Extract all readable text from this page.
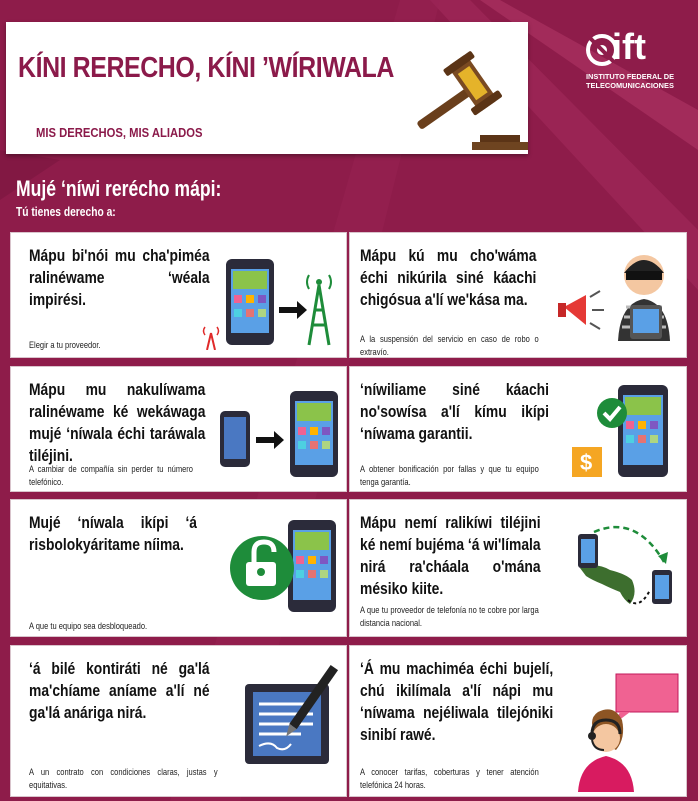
KÍNI RERECHO, KÍNI ’WÍRIWALA

MIS DERECHOS, MIS ALIADOS

ift
INSTITUTO FEDERAL DE
TELECOMUNICACIONES
Mujé ‘níwi rerécho mápi:

Tú tienes derecho a:

Mápu bi'nói mu cha'piméa ralinéwame ‘wéala impirési.

Elegir a tu proveedor.

Mápu kú mu cho'wáma échi nikúrila siné káachi chigósua a'lí we'kása ma.

A la suspensión del servicio en caso de robo o extravío.

Mápu mu nakulíwama ralinéwame ké wekáwaga mujé ‘níwala échi taráwala tiléjini.

A cambiar de compañía sin perder tu número telefónico.

‘níwiliame siné káachi no'sowísa a'lí kímu ikípi ‘níwama garantii.

A obtener bonificación por fallas y que tu equipo tenga garantía.

$

Mujé ‘níwala ikípi ‘á risbolokyáritame níima.

A que tu equipo sea desbloqueado.

Mápu nemí ralikíwi tiléjini ké nemí bujéma ‘á wi'límala nirá ra'cháala o'mána mésiko kiite.

A que tu proveedor de telefonía no te cobre por larga distancia nacional.

‘á bilé kontiráti né ga'lá ma'chíame aníame a'lí né ga'lá anáriga nirá.

A un contrato con condiciones claras, justas y equitativas.

‘Á mu machiméa échi bujelí, chú ikilímala a'lí nápi mu ‘níwama nejéliwala tilejóniki sinibí rawé.

A conocer tarifas, coberturas y tener atención telefónica 24 horas.
